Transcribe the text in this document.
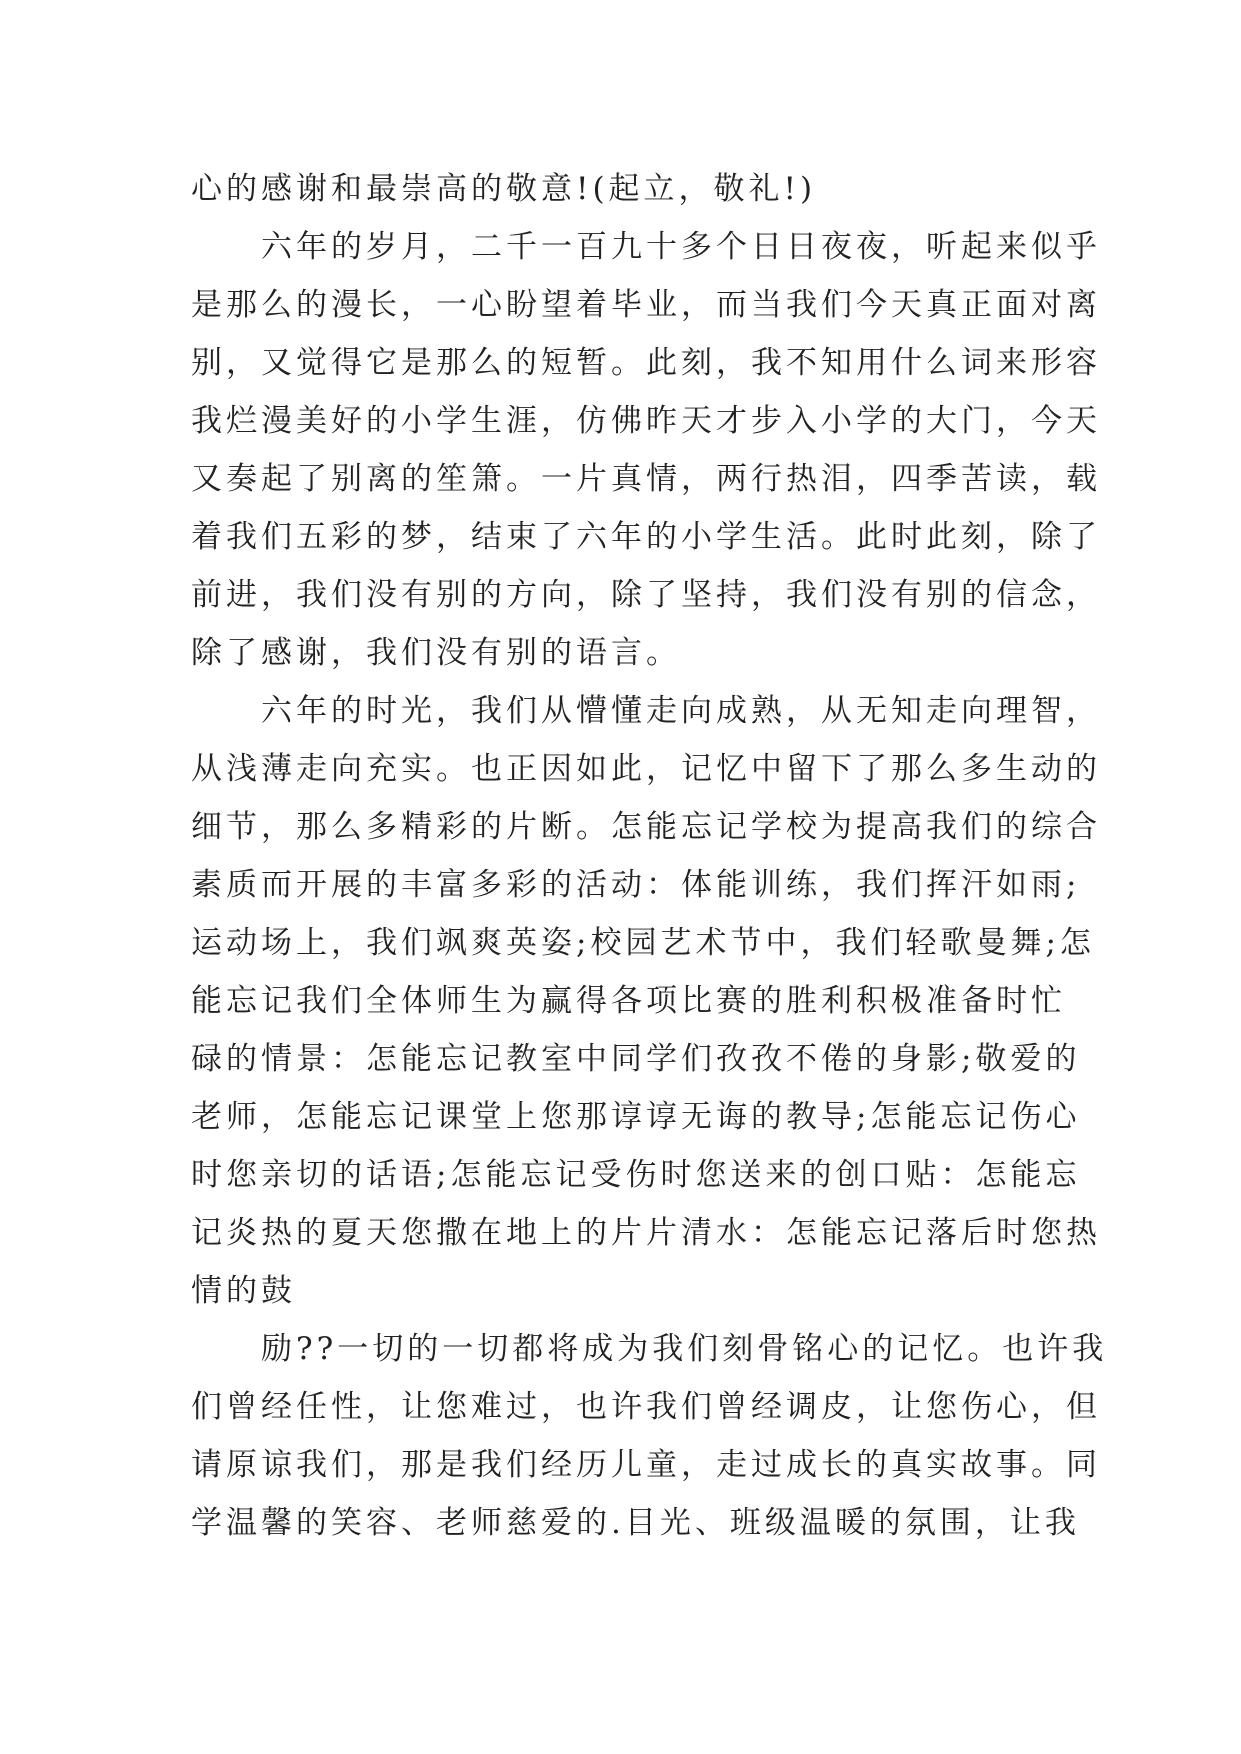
心的感谢和最崇高的敬意!(起立，敬礼!)
六年的岁月，二千一百九十多个日日夜夜，听起来似乎
是那么的漫长，一心盼望着毕业，而当我们今天真正面对离
别，又觉得它是那么的短暂。此刻，我不知用什么词来形容
我烂漫美好的小学生涯，仿佛昨天才步入小学的大门，今天
又奏起了别离的笙箫。一片真情，两行热泪，四季苦读，载
着我们五彩的梦，结束了六年的小学生活。此时此刻，除了
前进，我们没有别的方向，除了坚持，我们没有别的信念，
除了感谢，我们没有别的语言。
六年的时光，我们从懵懂走向成熟，从无知走向理智，
从浅薄走向充实。也正因如此，记忆中留下了那么多生动的
细节，那么多精彩的片断。怎能忘记学校为提高我们的综合
素质而开展的丰富多彩的活动：体能训练，我们挥汗如雨;
运动场上，我们飒爽英姿;校园艺术节中，我们轻歌曼舞;怎
能忘记我们全体师生为赢得各项比赛的胜利积极准备时忙
碌的情景：怎能忘记教室中同学们孜孜不倦的身影;敬爱的
老师，怎能忘记课堂上您那谆谆无诲的教导;怎能忘记伤心
时您亲切的话语;怎能忘记受伤时您送来的创口贴：怎能忘
记炎热的夏天您撒在地上的片片清水：怎能忘记落后时您热
情的鼓
励??一切的一切都将成为我们刻骨铭心的记忆。也许我
们曾经任性，让您难过，也许我们曾经调皮，让您伤心，但
请原谅我们，那是我们经历儿童，走过成长的真实故事。同
学温馨的笑容、老师慈爱的.目光、班级温暖的氛围，让我
